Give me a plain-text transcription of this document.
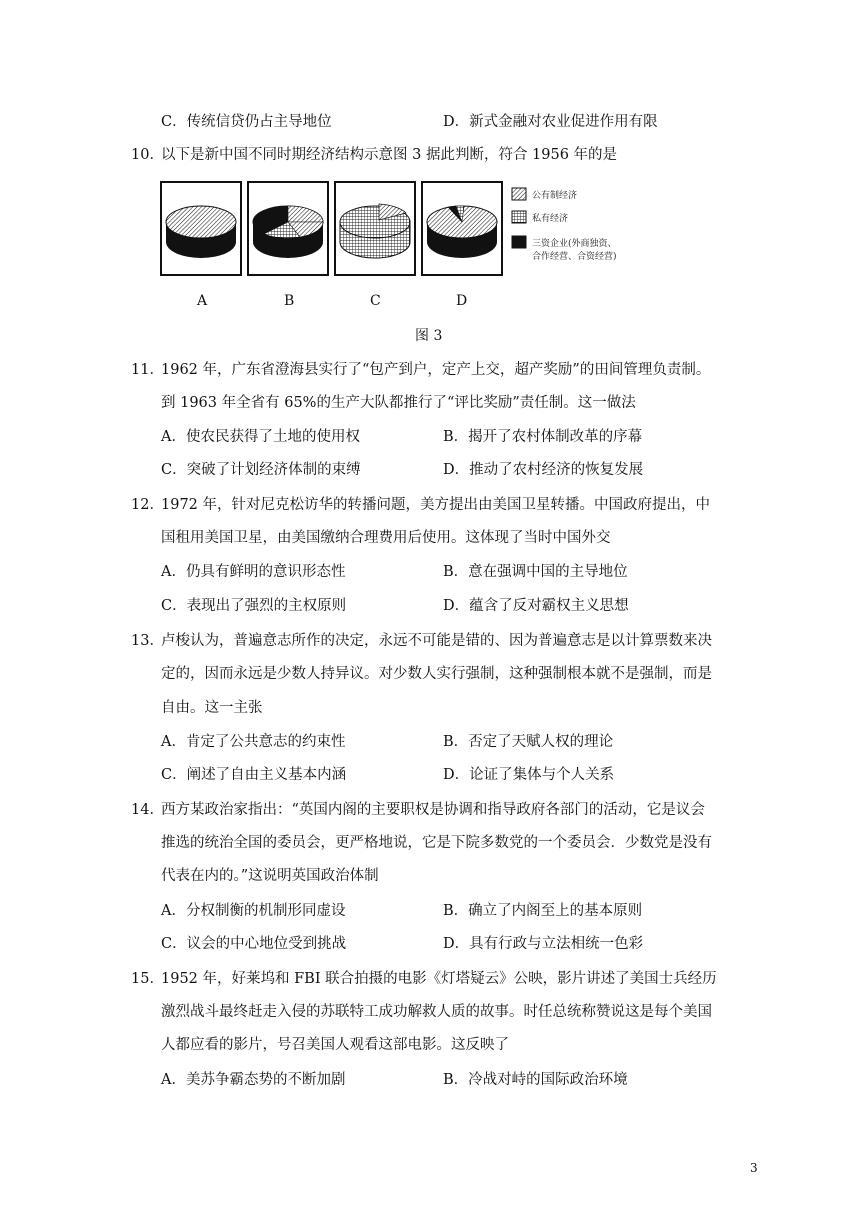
C．传统信贷仍占主导地位	D．新式金融对农业促进作用有限
10．
以下是新中国不同时期经济结构示意图 3 据此判断，符合 1956 年的是
公有制经济
私有经济
三资企业(外商独资、
合作经营、合资经营)
A	B	C	D
图 3
11．
1962 年，广东省澄海县实行了“包产到户，定产上交，超产奖励”的田间管理负责制。
到 1963 年全省有 65%的生产大队都推行了“评比奖励”责任制。这一做法
A．使农民获得了土地的使用权	B．揭开了农村体制改革的序幕
C．突破了计划经济体制的束缚	D．推动了农村经济的恢复发展
12．
1972 年，针对尼克松访华的转播问题，美方提出由美国卫星转播。中国政府提出，中
国租用美国卫星，由美国缴纳合理费用后使用。这体现了当时中国外交
A．仍具有鲜明的意识形态性	B．意在强调中国的主导地位
C．表现出了强烈的主权原则	D．蕴含了反对霸权主义思想
13．
卢梭认为，普遍意志所作的决定，永远不可能是错的、因为普遍意志是以计算票数来决
定的，因而永远是少数人持异议。对少数人实行强制，这种强制根本就不是强制，而是
自由。这一主张
A．肯定了公共意志的约束性	B．否定了天赋人权的理论
C．阐述了自由主义基本内涵	D．论证了集体与个人关系
14．
西方某政治家指出：“英国内阁的主要职权是协调和指导政府各部门的活动，它是议会
推选的统治全国的委员会，更严格地说，它是下院多数党的一个委员会．少数党是没有
代表在内的。”这说明英国政治体制
A．分权制衡的机制形同虚设	B．确立了内阁至上的基本原则
C．议会的中心地位受到挑战	D．具有行政与立法相统一色彩
15．
1952 年，好莱坞和 FBI 联合拍摄的电影《灯塔疑云》公映，影片讲述了美国士兵经历
激烈战斗最终赶走入侵的苏联特工成功解救人质的故事。时任总统称赞说这是每个美国
人都应看的影片，号召美国人观看这部电影。这反映了
A．美苏争霸态势的不断加剧	B．冷战对峙的国际政治环境
3
